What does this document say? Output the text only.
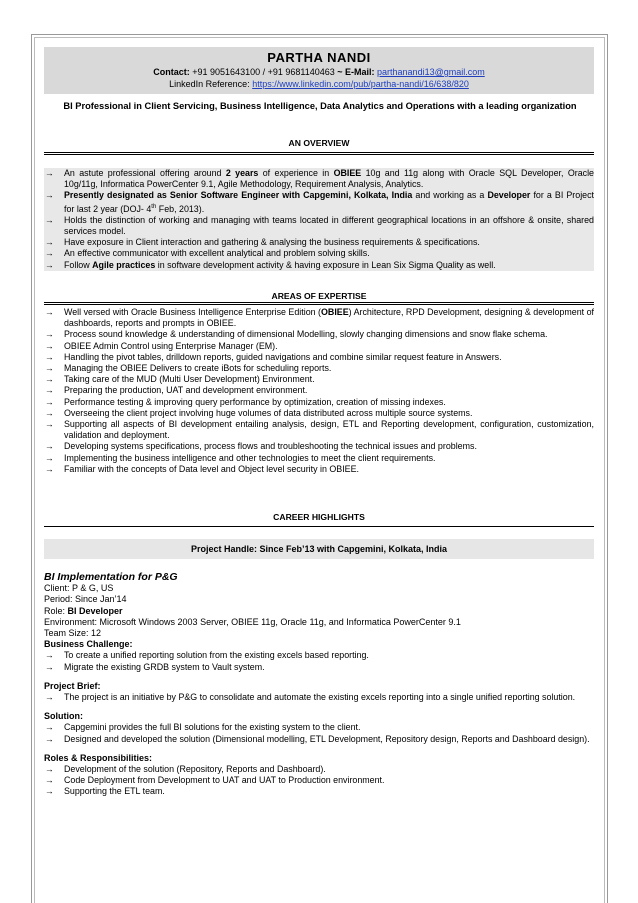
PARTHA NANDI
Contact: +91 9051643100 / +91 9681140463 ~ E-Mail: parthanandi13@gmail.com
LinkedIn Reference: https://www.linkedin.com/pub/partha-nandi/16/638/820
BI Professional in Client Servicing, Business Intelligence, Data Analytics and Operations with a leading organization
AN OVERVIEW
→ An astute professional offering around 2 years of experience in OBIEE 10g and 11g along with Oracle SQL Developer, Oracle 10g/11g, Informatica PowerCenter 9.1, Agile Methodology, Requirement Analysis, Analytics.
→ Presently designated as Senior Software Engineer with Capgemini, Kolkata, India and working as a Developer for a BI Project for last 2 year (DOJ- 4th Feb, 2013).
→ Holds the distinction of working and managing with teams located in different geographical locations in an offshore & onsite, shared services model.
→ Have exposure in Client interaction and gathering & analysing the business requirements & specifications.
→ An effective communicator with excellent analytical and problem solving skills.
→ Follow Agile practices in software development activity & having exposure in Lean Six Sigma Quality as well.
AREAS OF EXPERTISE
→ Well versed with Oracle Business Intelligence Enterprise Edition (OBIEE) Architecture, RPD Development, designing & development of dashboards, reports and prompts in OBIEE.
→ Process sound knowledge & understanding of dimensional Modelling, slowly changing dimensions and snow flake schema.
→ OBIEE Admin Control using Enterprise Manager (EM).
→ Handling the pivot tables, drilldown reports, guided navigations and combine similar request feature in Answers.
→ Managing the OBIEE Delivers to create iBots for scheduling reports.
→ Taking care of the MUD (Multi User Development) Environment.
→ Preparing the production, UAT and development environment.
→ Performance testing & improving query performance by optimization, creation of missing indexes.
→ Overseeing the client project involving huge volumes of data distributed across multiple source systems.
→ Supporting all aspects of BI development entailing analysis, design, ETL and Reporting development, configuration, customization, validation and deployment.
→ Developing systems specifications, process flows and troubleshooting the technical issues and problems.
→ Implementing the business intelligence and other technologies to meet the client requirements.
→ Familiar with the concepts of Data level and Object level security in OBIEE.
CAREER HIGHLIGHTS
Project Handle: Since Feb’13 with Capgemini, Kolkata, India
BI Implementation for P&G
Client: P & G, US
Period: Since Jan’14
Role: BI Developer
Environment: Microsoft Windows 2003 Server, OBIEE 11g, Oracle 11g, and Informatica PowerCenter 9.1
Team Size: 12
Business Challenge:
→ To create a unified reporting solution from the existing excels based reporting.
→ Migrate the existing GRDB system to Vault system.
Project Brief:
→ The project is an initiative by P&G to consolidate and automate the existing excels reporting into a single unified reporting solution.
Solution:
→ Capgemini provides the full BI solutions for the existing system to the client.
→ Designed and developed the solution (Dimensional modelling, ETL Development, Repository design, Reports and Dashboard design).
Roles & Responsibilities:
→ Development of the solution (Repository, Reports and Dashboard).
→ Code Deployment from Development to UAT and UAT to Production environment.
→ Supporting the ETL team.
